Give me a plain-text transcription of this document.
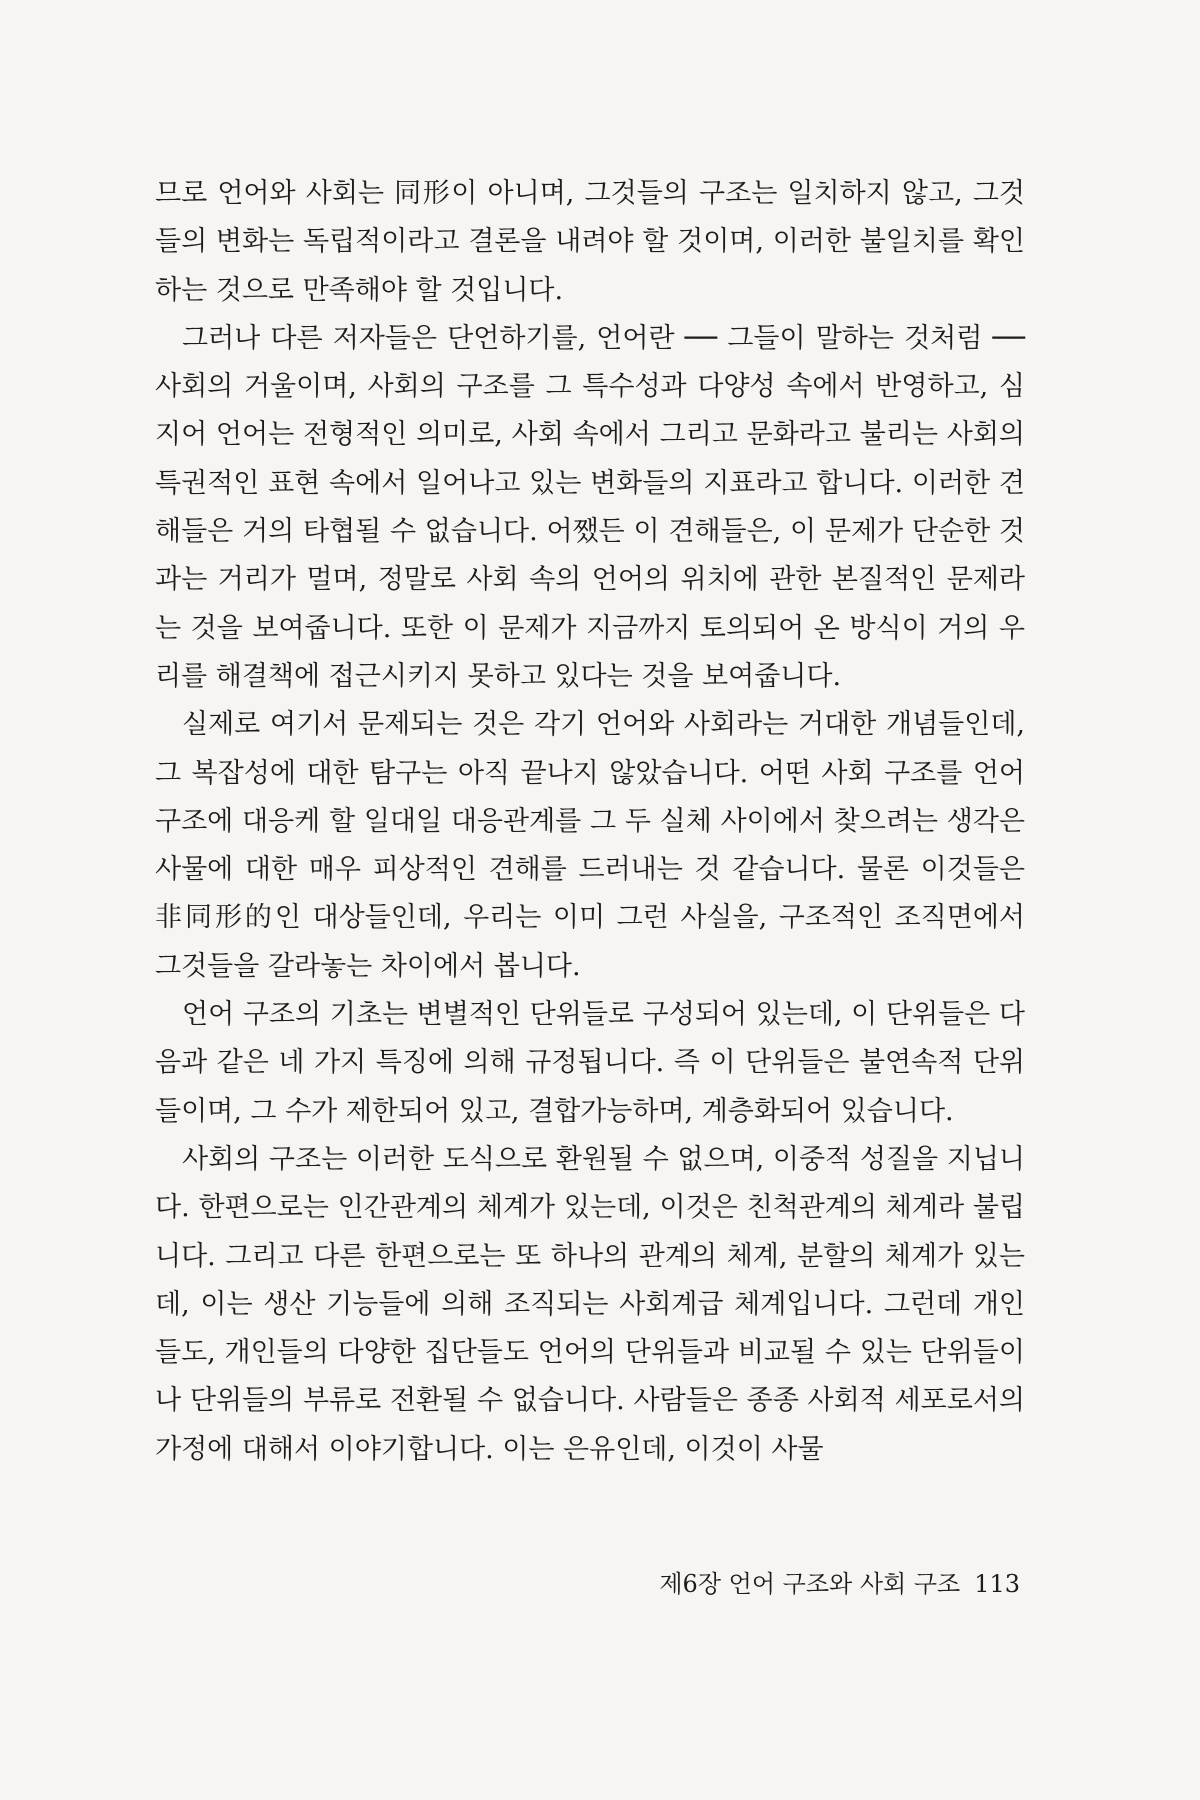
므로 언어와 사회는 同形이 아니며, 그것들의 구조는 일치하지 않고, 그것들의 변화는 독립적이라고 결론을 내려야 할 것이며, 이러한 불일치를 확인하는 것으로 만족해야 할 것입니다.

그러나 다른 저자들은 단언하기를, 언어란 ── 그들이 말하는 것처럼 ── 사회의 거울이며, 사회의 구조를 그 특수성과 다양성 속에서 반영하고, 심지어 언어는 전형적인 의미로, 사회 속에서 그리고 문화라고 불리는 사회의 특권적인 표현 속에서 일어나고 있는 변화들의 지표라고 합니다. 이러한 견해들은 거의 타협될 수 없습니다. 어쨌든 이 견해들은, 이 문제가 단순한 것과는 거리가 멀며, 정말로 사회 속의 언어의 위치에 관한 본질적인 문제라는 것을 보여줍니다. 또한 이 문제가 지금까지 토의되어 온 방식이 거의 우리를 해결책에 접근시키지 못하고 있다는 것을 보여줍니다.

실제로 여기서 문제되는 것은 각기 언어와 사회라는 거대한 개념들인데, 그 복잡성에 대한 탐구는 아직 끝나지 않았습니다. 어떤 사회 구조를 언어 구조에 대응케 할 일대일 대응관계를 그 두 실체 사이에서 찾으려는 생각은 사물에 대한 매우 피상적인 견해를 드러내는 것 같습니다. 물론 이것들은 非同形的인 대상들인데, 우리는 이미 그런 사실을, 구조적인 조직면에서 그것들을 갈라놓는 차이에서 봅니다.

언어 구조의 기초는 변별적인 단위들로 구성되어 있는데, 이 단위들은 다음과 같은 네 가지 특징에 의해 규정됩니다. 즉 이 단위들은 불연속적 단위들이며, 그 수가 제한되어 있고, 결합가능하며, 계층화되어 있습니다.

사회의 구조는 이러한 도식으로 환원될 수 없으며, 이중적 성질을 지닙니다. 한편으로는 인간관계의 체계가 있는데, 이것은 친척관계의 체계라 불립니다. 그리고 다른 한편으로는 또 하나의 관계의 체계, 분할의 체계가 있는데, 이는 생산 기능들에 의해 조직되는 사회계급 체계입니다. 그런데 개인들도, 개인들의 다양한 집단들도 언어의 단위들과 비교될 수 있는 단위들이나 단위들의 부류로 전환될 수 없습니다. 사람들은 종종 사회적 세포로서의 가정에 대해서 이야기합니다. 이는 은유인데, 이것이 사물

제6장 언어 구조와 사회 구조 113
